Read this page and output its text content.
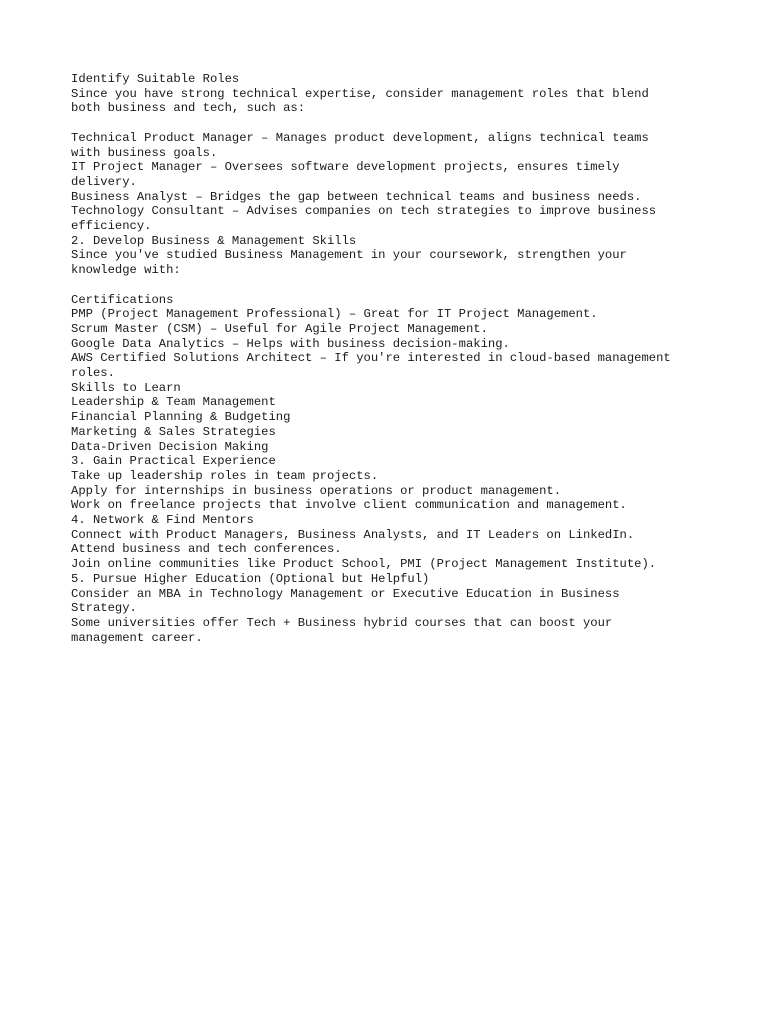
Identify Suitable Roles

Since you have strong technical expertise, consider management roles that blend

both business and tech, such as:

Technical Product Manager – Manages product development, aligns technical teams

with business goals.

IT Project Manager – Oversees software development projects, ensures timely

delivery.

Business Analyst – Bridges the gap between technical teams and business needs.

Technology Consultant – Advises companies on tech strategies to improve business

efficiency.

2. Develop Business & Management Skills

Since you've studied Business Management in your coursework, strengthen your

knowledge with:

Certifications

PMP (Project Management Professional) – Great for IT Project Management.

Scrum Master (CSM) – Useful for Agile Project Management.

Google Data Analytics – Helps with business decision-making.

AWS Certified Solutions Architect – If you're interested in cloud-based management

roles.

Skills to Learn

Leadership & Team Management

Financial Planning & Budgeting

Marketing & Sales Strategies

Data-Driven Decision Making

3. Gain Practical Experience

Take up leadership roles in team projects.

Apply for internships in business operations or product management.

Work on freelance projects that involve client communication and management.

4. Network & Find Mentors

Connect with Product Managers, Business Analysts, and IT Leaders on LinkedIn.

Attend business and tech conferences.

Join online communities like Product School, PMI (Project Management Institute).

5. Pursue Higher Education (Optional but Helpful)

Consider an MBA in Technology Management or Executive Education in Business

Strategy.

Some universities offer Tech + Business hybrid courses that can boost your

management career.
